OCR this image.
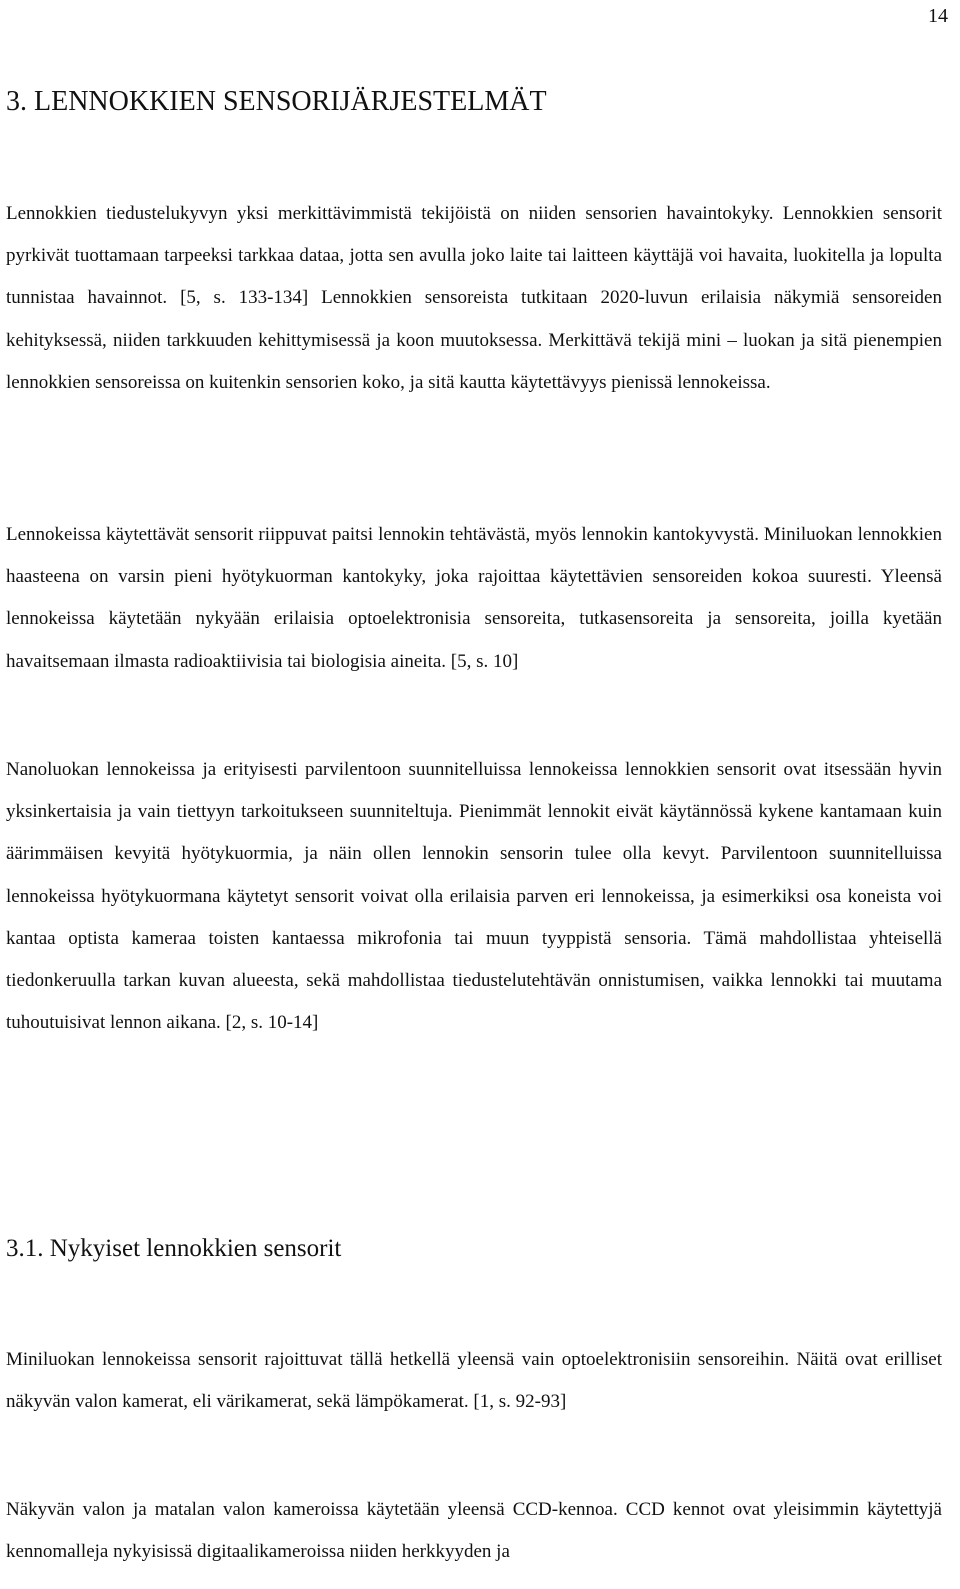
14
3. LENNOKKIEN SENSORIJÄRJESTELMÄT

Lennokkien tiedustelukyvyn yksi merkittävimmistä tekijöistä on niiden sensorien havaintokyky. Lennokkien sensorit pyrkivät tuottamaan tarpeeksi tarkkaa dataa, jotta sen avulla joko laite tai laitteen käyttäjä voi havaita, luokitella ja lopulta tunnistaa havainnot. [5, s. 133-134] Lennokkien sensoreista tutkitaan 2020-luvun erilaisia näkymiä sensoreiden kehityksessä, niiden tarkkuuden kehittymisessä ja koon muutoksessa. Merkittävä tekijä mini – luokan ja sitä pienempien lennokkien sensoreissa on kuitenkin sensorien koko, ja sitä kautta käytettävyys pienissä lennokeissa.

Lennokeissa käytettävät sensorit riippuvat paitsi lennokin tehtävästä, myös lennokin kantokyvystä. Miniluokan lennokkien haasteena on varsin pieni hyötykuorman kantokyky, joka rajoittaa käytettävien sensoreiden kokoa suuresti. Yleensä lennokeissa käytetään nykyään erilaisia optoelektronisia sensoreita, tutkasensoreita ja sensoreita, joilla kyetään havaitsemaan ilmasta radioaktiivisia tai biologisia aineita. [5, s. 10]

Nanoluokan lennokeissa ja erityisesti parvilentoon suunnitelluissa lennokeissa lennokkien sensorit ovat itsessään hyvin yksinkertaisia ja vain tiettyyn tarkoitukseen suunniteltuja. Pienimmät lennokit eivät käytännössä kykene kantamaan kuin äärimmäisen kevyitä hyötykuormia, ja näin ollen lennokin sensorin tulee olla kevyt. Parvilentoon suunnitelluissa lennokeissa hyötykuormana käytetyt sensorit voivat olla erilaisia parven eri lennokeissa, ja esimerkiksi osa koneista voi kantaa optista kameraa toisten kantaessa mikrofonia tai muun tyyppistä sensoria. Tämä mahdollistaa yhteisellä tiedonkeruulla tarkan kuvan alueesta, sekä mahdollistaa tiedustelutehtävän onnistumisen, vaikka lennokki tai muutama tuhoutuisivat lennon aikana. [2, s. 10-14]

3.1. Nykyiset lennokkien sensorit

Miniluokan lennokeissa sensorit rajoittuvat tällä hetkellä yleensä vain optoelektronisiin sensoreihin. Näitä ovat erilliset näkyvän valon kamerat, eli värikamerat, sekä lämpökamerat. [1, s. 92-93]

Näkyvän valon ja matalan valon kameroissa käytetään yleensä CCD-kennoa. CCD kennot ovat yleisimmin käytettyjä kennomalleja nykyisissä digitaalikameroissa niiden herkkyyden ja
